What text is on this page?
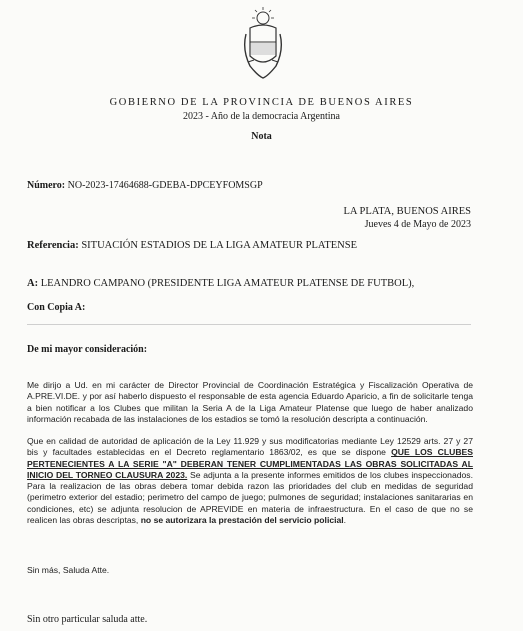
GOBIERNO DE LA PROVINCIA DE BUENOS AIRES
2023 - Año de la democracia Argentina
Nota
Número: NO-2023-17464688-GDEBA-DPCEYFOMSGP
LA PLATA, BUENOS AIRES
Jueves 4 de Mayo de 2023
Referencia: SITUACIÓN ESTADIOS DE LA LIGA AMATEUR PLATENSE
A: LEANDRO CAMPANO (PRESIDENTE LIGA AMATEUR PLATENSE DE FUTBOL),
Con Copia A:
De mi mayor consideración:
Me dirijo a Ud. en mi carácter de Director Provincial de Coordinación Estratégica y Fiscalización Operativa de A.PRE.VI.DE. y por así haberlo dispuesto el responsable de esta agencia Eduardo Aparicio, a fin de solicitarle tenga a bien notificar a los Clubes que militan la Seria A de la Liga Amateur Platense que luego de haber analizado información recabada de las instalaciones de los estadios se tomó la resolución descripta a continuación.
Que en calidad de autoridad de aplicación de la Ley 11.929 y sus modificatorias mediante Ley 12529 arts. 27 y 27 bis y facultades establecidas en el Decreto reglamentario 1863/02, es que se dispone QUE LOS CLUBES PERTENECIENTES A LA SERIE "A" DEBERAN TENER CUMPLIMENTADAS LAS OBRAS SOLICITADAS AL INICIO DEL TORNEO CLAUSURA 2023. Se adjunta a la presente informes emitidos de los clubes inspeccionados. Para la realizacion de las obras debera tomar debida razon las prioridades del club en medidas de seguridad (perimetro exterior del estadio; perimetro del campo de juego; pulmones de seguridad; instalaciones sanitararias en condiciones, etc) se adjunta resolucion de APREVIDE en materia de infraestructura. En el caso de que no se realicen las obras descriptas, no se autorizara la prestación del servicio policial.
Sin más, Saluda Atte.
Sin otro particular saluda atte.
